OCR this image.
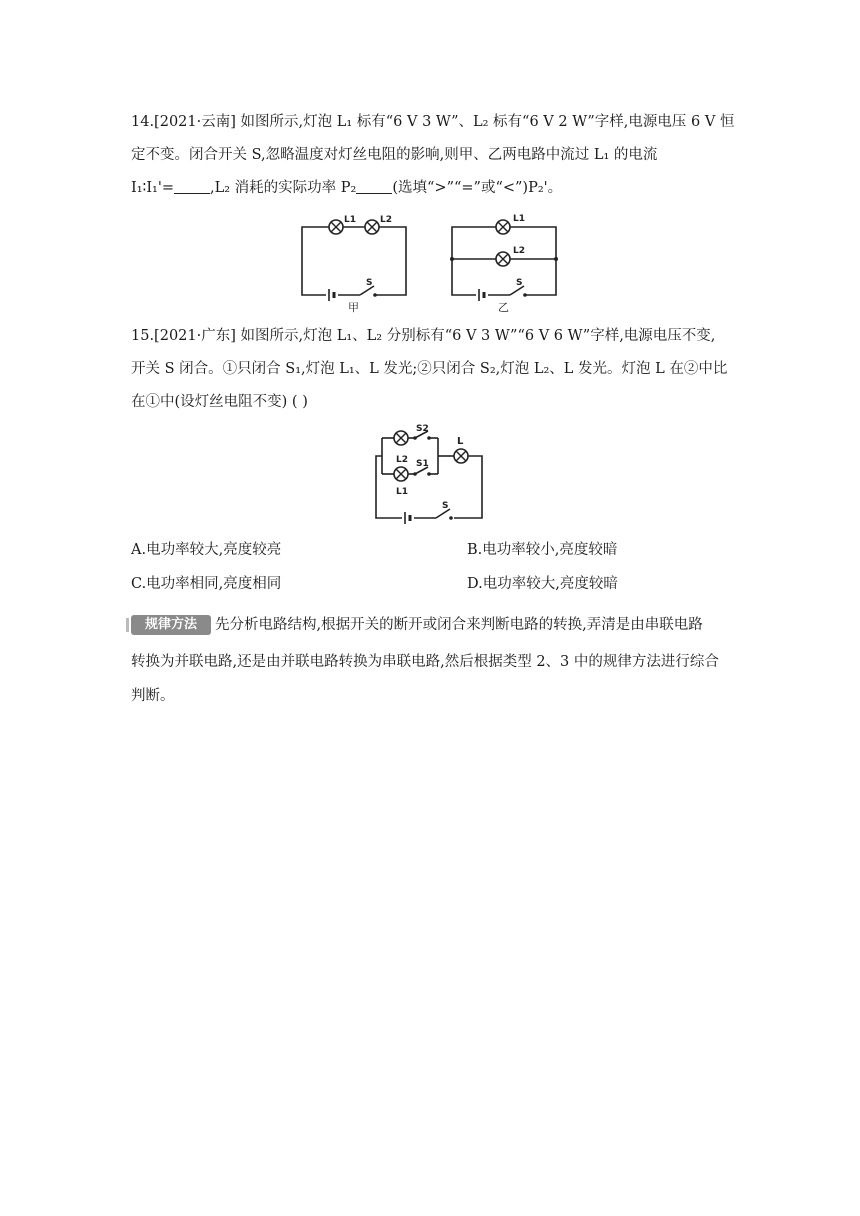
14.[2021·云南] 如图所示,灯泡 L₁ 标有“6 V 3 W”、L₂ 标有“6 V 2 W”字样,电源电压 6 V 恒
定不变。闭合开关 S,忽略温度对灯丝电阻的影响,则甲、乙两电路中流过 L₁ 的电流
I₁∶I₁'= ,L₂ 消耗的实际功率 P₂ (选填“>”“=”或“<”)P₂'。
L1	L2
S
甲
L1
L2
S
乙
15.[2021·广东] 如图所示,灯泡 L₁、L₂ 分别标有“6 V 3 W”“6 V 6 W”字样,电源电压不变,
开关 S 闭合。①只闭合 S₁,灯泡 L₁、L 发光;②只闭合 S₂,灯泡 L₂、L 发光。灯泡 L 在②中比
在①中(设灯丝电阻不变) ( )
S2
S1
L2
L1
L
S
A.电功率较大,亮度较亮	B.电功率较小,亮度较暗
C.电功率相同,亮度相同	D.电功率较大,亮度较暗
规律方法	先分析电路结构,根据开关的断开或闭合来判断电路的转换,弄清是由串联电路
转换为并联电路,还是由并联电路转换为串联电路,然后根据类型 2、3 中的规律方法进行综合
判断。
